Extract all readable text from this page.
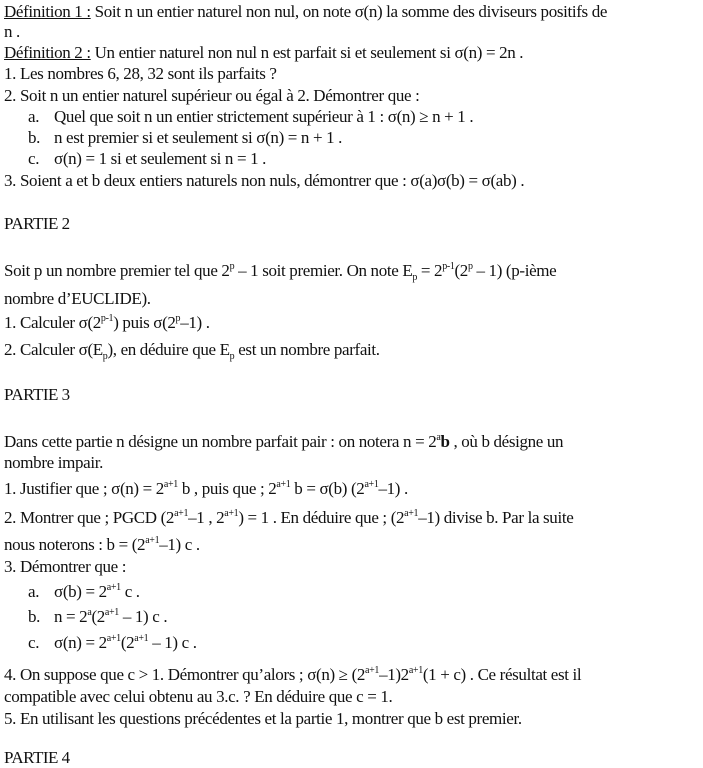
Définition 1 : Soit n un entier naturel non nul, on note σ(n) la somme des diviseurs positifs de
n .
Définition 2 : Un entier naturel non nul n est parfait si et seulement si σ(n) = 2n .
1. Les nombres 6, 28, 32 sont ils parfaits ?
2. Soit n un entier naturel supérieur ou égal à 2. Démontrer que :
a. Quel que soit n un entier strictement supérieur à 1 : σ(n) ≥ n + 1 .
b. n est premier si et seulement si σ(n) = n + 1 .
c. σ(n) = 1 si et seulement si n = 1 .
3. Soient a et b deux entiers naturels non nuls, démontrer que : σ(a)σ(b) = σ(ab) .
PARTIE 2
Soit p un nombre premier tel que 2$^p$ – 1 soit premier. On note $E_p = 2^{p-1}(2^p - 1)$ (p-ième
nombre d’EUCLIDE).
1. Calculer σ(2$^{p-1}$) puis σ(2$^p$–1) .
2. Calculer $\sigma(E_p)$, en déduire que $E_p$ est un nombre parfait.
PARTIE 3
Dans cette partie n désigne un nombre parfait pair : on notera $n = 2^ab$ , où b désigne un
nombre impair.
1. Justifier que ; $\sigma(n) = 2^{a+1}$ b , puis que ; $2^{a+1}$ b = σ(b) $(2^{a+1}-1)$ .
2. Montrer que ; PGCD ($2^{a+1}-1$ , $2^{a+1}) = 1$ . En déduire que ; $(2^{a+1}-1)$ divise b. Par la suite
nous noterons : $b = (2^{a+1}-1)$ c .
3. Démontrer que :
a. $\sigma(b) = 2^{a+1}$ c .
b. $n = 2^a(2^{a+1} - 1)$ c .
c. $\sigma(n) = 2^{a+1}(2^{a+1} - 1)$ c .
4. On suppose que c > 1. Démontrer qu’alors ; $\sigma(n) \ge (2^{a+1}-1)2^{a+1}(1 + c)$ . Ce résultat est il
compatible avec celui obtenu au 3.c. ? En déduire que c = 1.
5. En utilisant les questions précédentes et la partie 1, montrer que b est premier.
PARTIE 4
